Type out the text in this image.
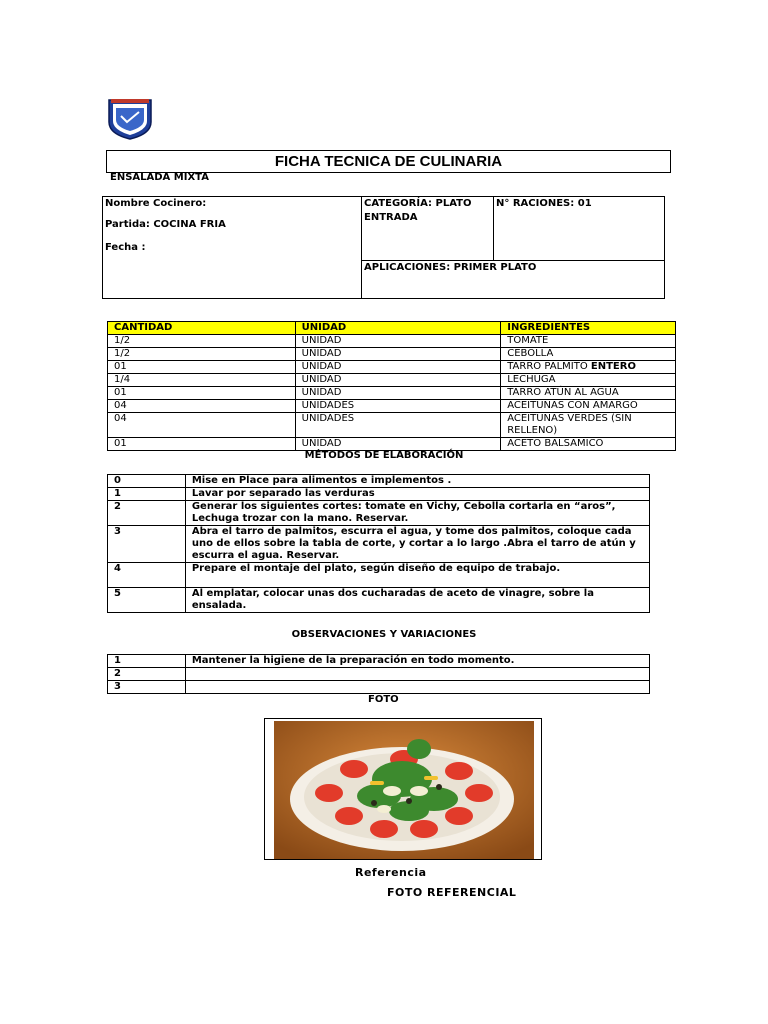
FICHA TECNICA DE CULINARIA
ENSALADA MIXTA
Nombre Cocinero:
Partida: COCINA FRIA
Fecha :
CATEGORÍA: PLATO
ENTRADA
N° RACIONES: 01
APLICACIONES: PRIMER PLATO
CANTIDAD	UNIDAD	INGREDIENTES
1/2	UNIDAD	TOMATE
1/2	UNIDAD	CEBOLLA
01	UNIDAD	TARRO PALMITO ENTERO
1/4	UNIDAD	LECHUGA
01	UNIDAD	TARRO ATÚN AL AGUA
04	UNIDADES	ACEITUNAS CON AMARGO
04	UNIDADES	ACEITUNAS VERDES (SIN RELLENO)
01	UNIDAD	ACETO BALSAMICO
MÉTODOS DE ELABORACIÓN
0	Mise en Place para alimentos e implementos .
1	Lavar por separado las verduras
2	Generar los siguientes cortes: tomate en Vichy, Cebolla cortarla en “aros”, Lechuga trozar con la mano. Reservar.
3	Abra el tarro de palmitos, escurra el agua, y tome dos palmitos, coloque cada uno de ellos sobre la tabla de corte, y cortar a lo largo .Abra el tarro de atún y escurra el agua. Reservar.
4	Prepare el montaje del plato, según diseño de equipo de trabajo.
5	Al emplatar, colocar unas dos cucharadas de aceto de vinagre, sobre la ensalada.
OBSERVACIONES Y VARIACIONES
1	Mantener la higiene de la preparación en todo momento.
2	
3	
FOTO
Referencia
FOTO REFERENCIAL
